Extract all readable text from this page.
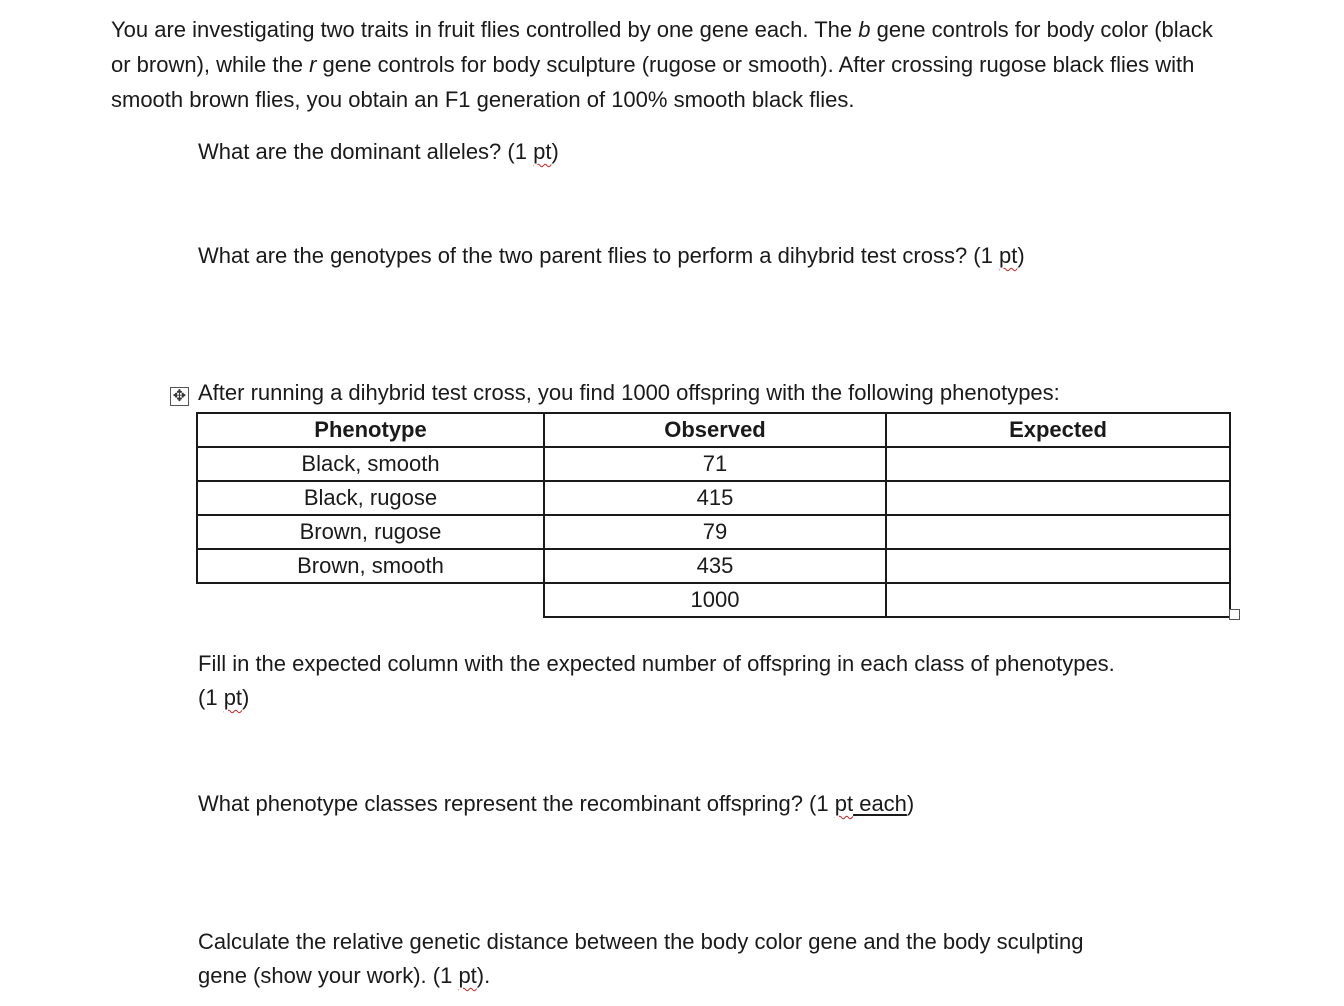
You are investigating two traits in fruit flies controlled by one gene each. The b gene controls for body color (black or brown), while the r gene controls for body sculpture (rugose or smooth). After crossing rugose black flies with smooth brown flies, you obtain an F1 generation of 100% smooth black flies.

What are the dominant alleles? (1 pt)

What are the genotypes of the two parent flies to perform a dihybrid test cross? (1 pt)

✥ After running a dihybrid test cross, you find 1000 offspring with the following phenotypes:

Phenotype	Observed	Expected
Black, smooth	71	
Black, rugose	415	
Brown, rugose	79	
Brown, smooth	435	
	1000	

Fill in the expected column with the expected number of offspring in each class of phenotypes.
(1 pt)

What phenotype classes represent the recombinant offspring? (1 pt each)

Calculate the relative genetic distance between the body color gene and the body sculpting
gene (show your work). (1 pt).
